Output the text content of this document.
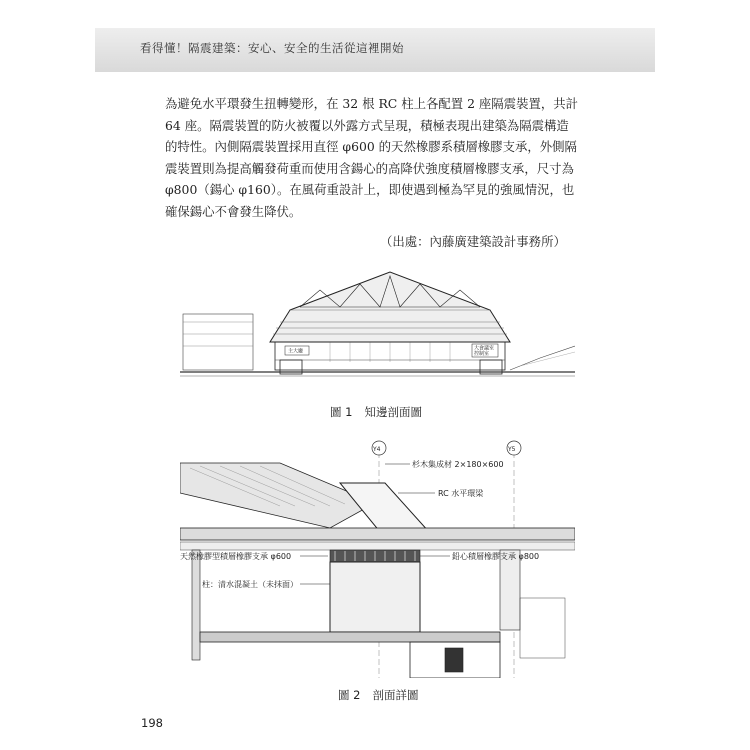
看得懂！隔震建築：安心、安全的生活從這裡開始

為避免水平環發生扭轉變形，在 32 根 RC 柱上各配置 2 座隔震裝置，共計

64 座。隔震裝置的防火被覆以外露方式呈現，積極表現出建築為隔震構造

的特性。內側隔震裝置採用直徑 φ600 的天然橡膠系積層橡膠支承，外側隔

震裝置則為提高觸發荷重而使用含鍚心的高降伏強度積層橡膠支承，尺寸為

φ800（鍚心 φ160）。在風荷重設計上，即使遇到極為罕見的強風情況，也

確保鍚心不會發生降伏。

（出處：內藤廣建築設計事務所）
主大廳	大會議室
控制室
圖 1 知邊剖面圖
Y4	Y5
杉木集成材 2×180×600
RC 水平環梁
天然橡膠型積層橡膠支承 φ600	鉛心積層橡膠支承 φ800
柱：清水混凝土（未抹面）
圖 2 剖面詳圖
198
